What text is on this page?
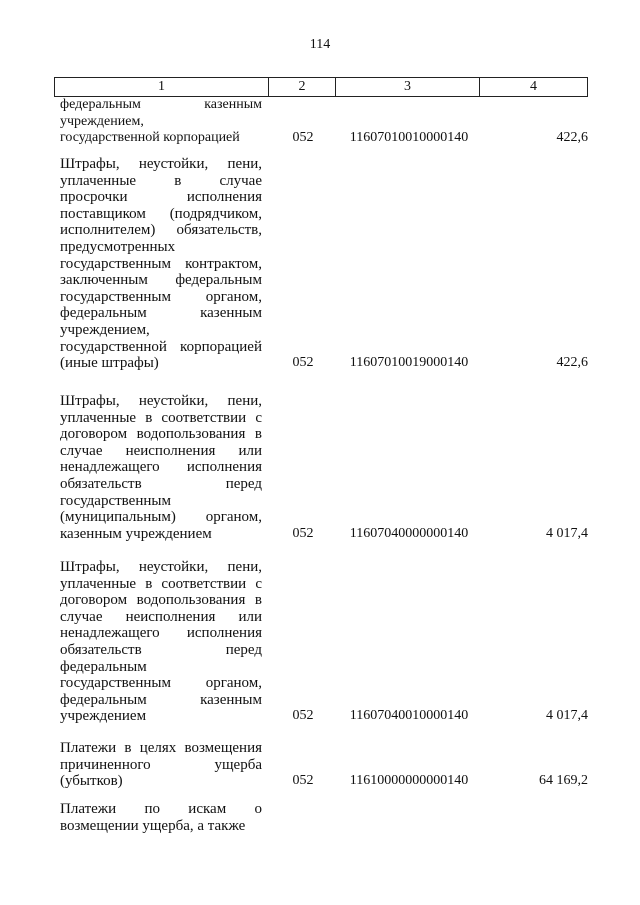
114
1	2	3	4
федеральным казенным
учреждением,
государственной корпорацией	052	11607010010000140	422,6
Штрафы, неустойки, пени,
уплаченные в случае
просрочки исполнения
поставщиком (подрядчиком,
исполнителем) обязательств,
предусмотренных
государственным контрактом,
заключенным федеральным
государственным органом,
федеральным казенным
учреждением,
государственной корпорацией
(иные штрафы)	052	11607010019000140	422,6
Штрафы, неустойки, пени,
уплаченные в соответствии с
договором водопользования в
случае неисполнения или
ненадлежащего исполнения
обязательств перед
государственным
(муниципальным) органом,
казенным учреждением	052	11607040000000140	4 017,4
Штрафы, неустойки, пени,
уплаченные в соответствии с
договором водопользования в
случае неисполнения или
ненадлежащего исполнения
обязательств перед
федеральным
государственным органом,
федеральным казенным
учреждением	052	11607040010000140	4 017,4
Платежи в целях возмещения
причиненного ущерба
(убытков)	052	11610000000000140	64 169,2
Платежи по искам о
возмещении ущерба, а также
